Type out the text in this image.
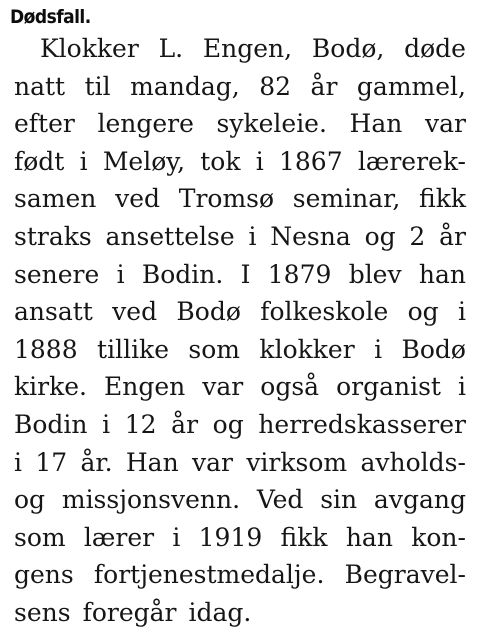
Dødsfall.
Klokker L. Engen, Bodø, døde
natt til mandag, 82 år gammel,
efter lengere sykeleie. Han var
født i Meløy, tok i 1867 lærerek-
samen ved Tromsø seminar, fikk
straks ansettelse i Nesna og 2 år
senere i Bodin. I 1879 blev han
ansatt ved Bodø folkeskole og i
1888 tillike som klokker i Bodø
kirke. Engen var også organist i
Bodin i 12 år og herredskasserer
i 17 år. Han var virksom avholds-
og missjonsvenn. Ved sin avgang
som lærer i 1919 fikk han kon-
gens fortjenestmedalje. Begravel-
sens foregår idag.
